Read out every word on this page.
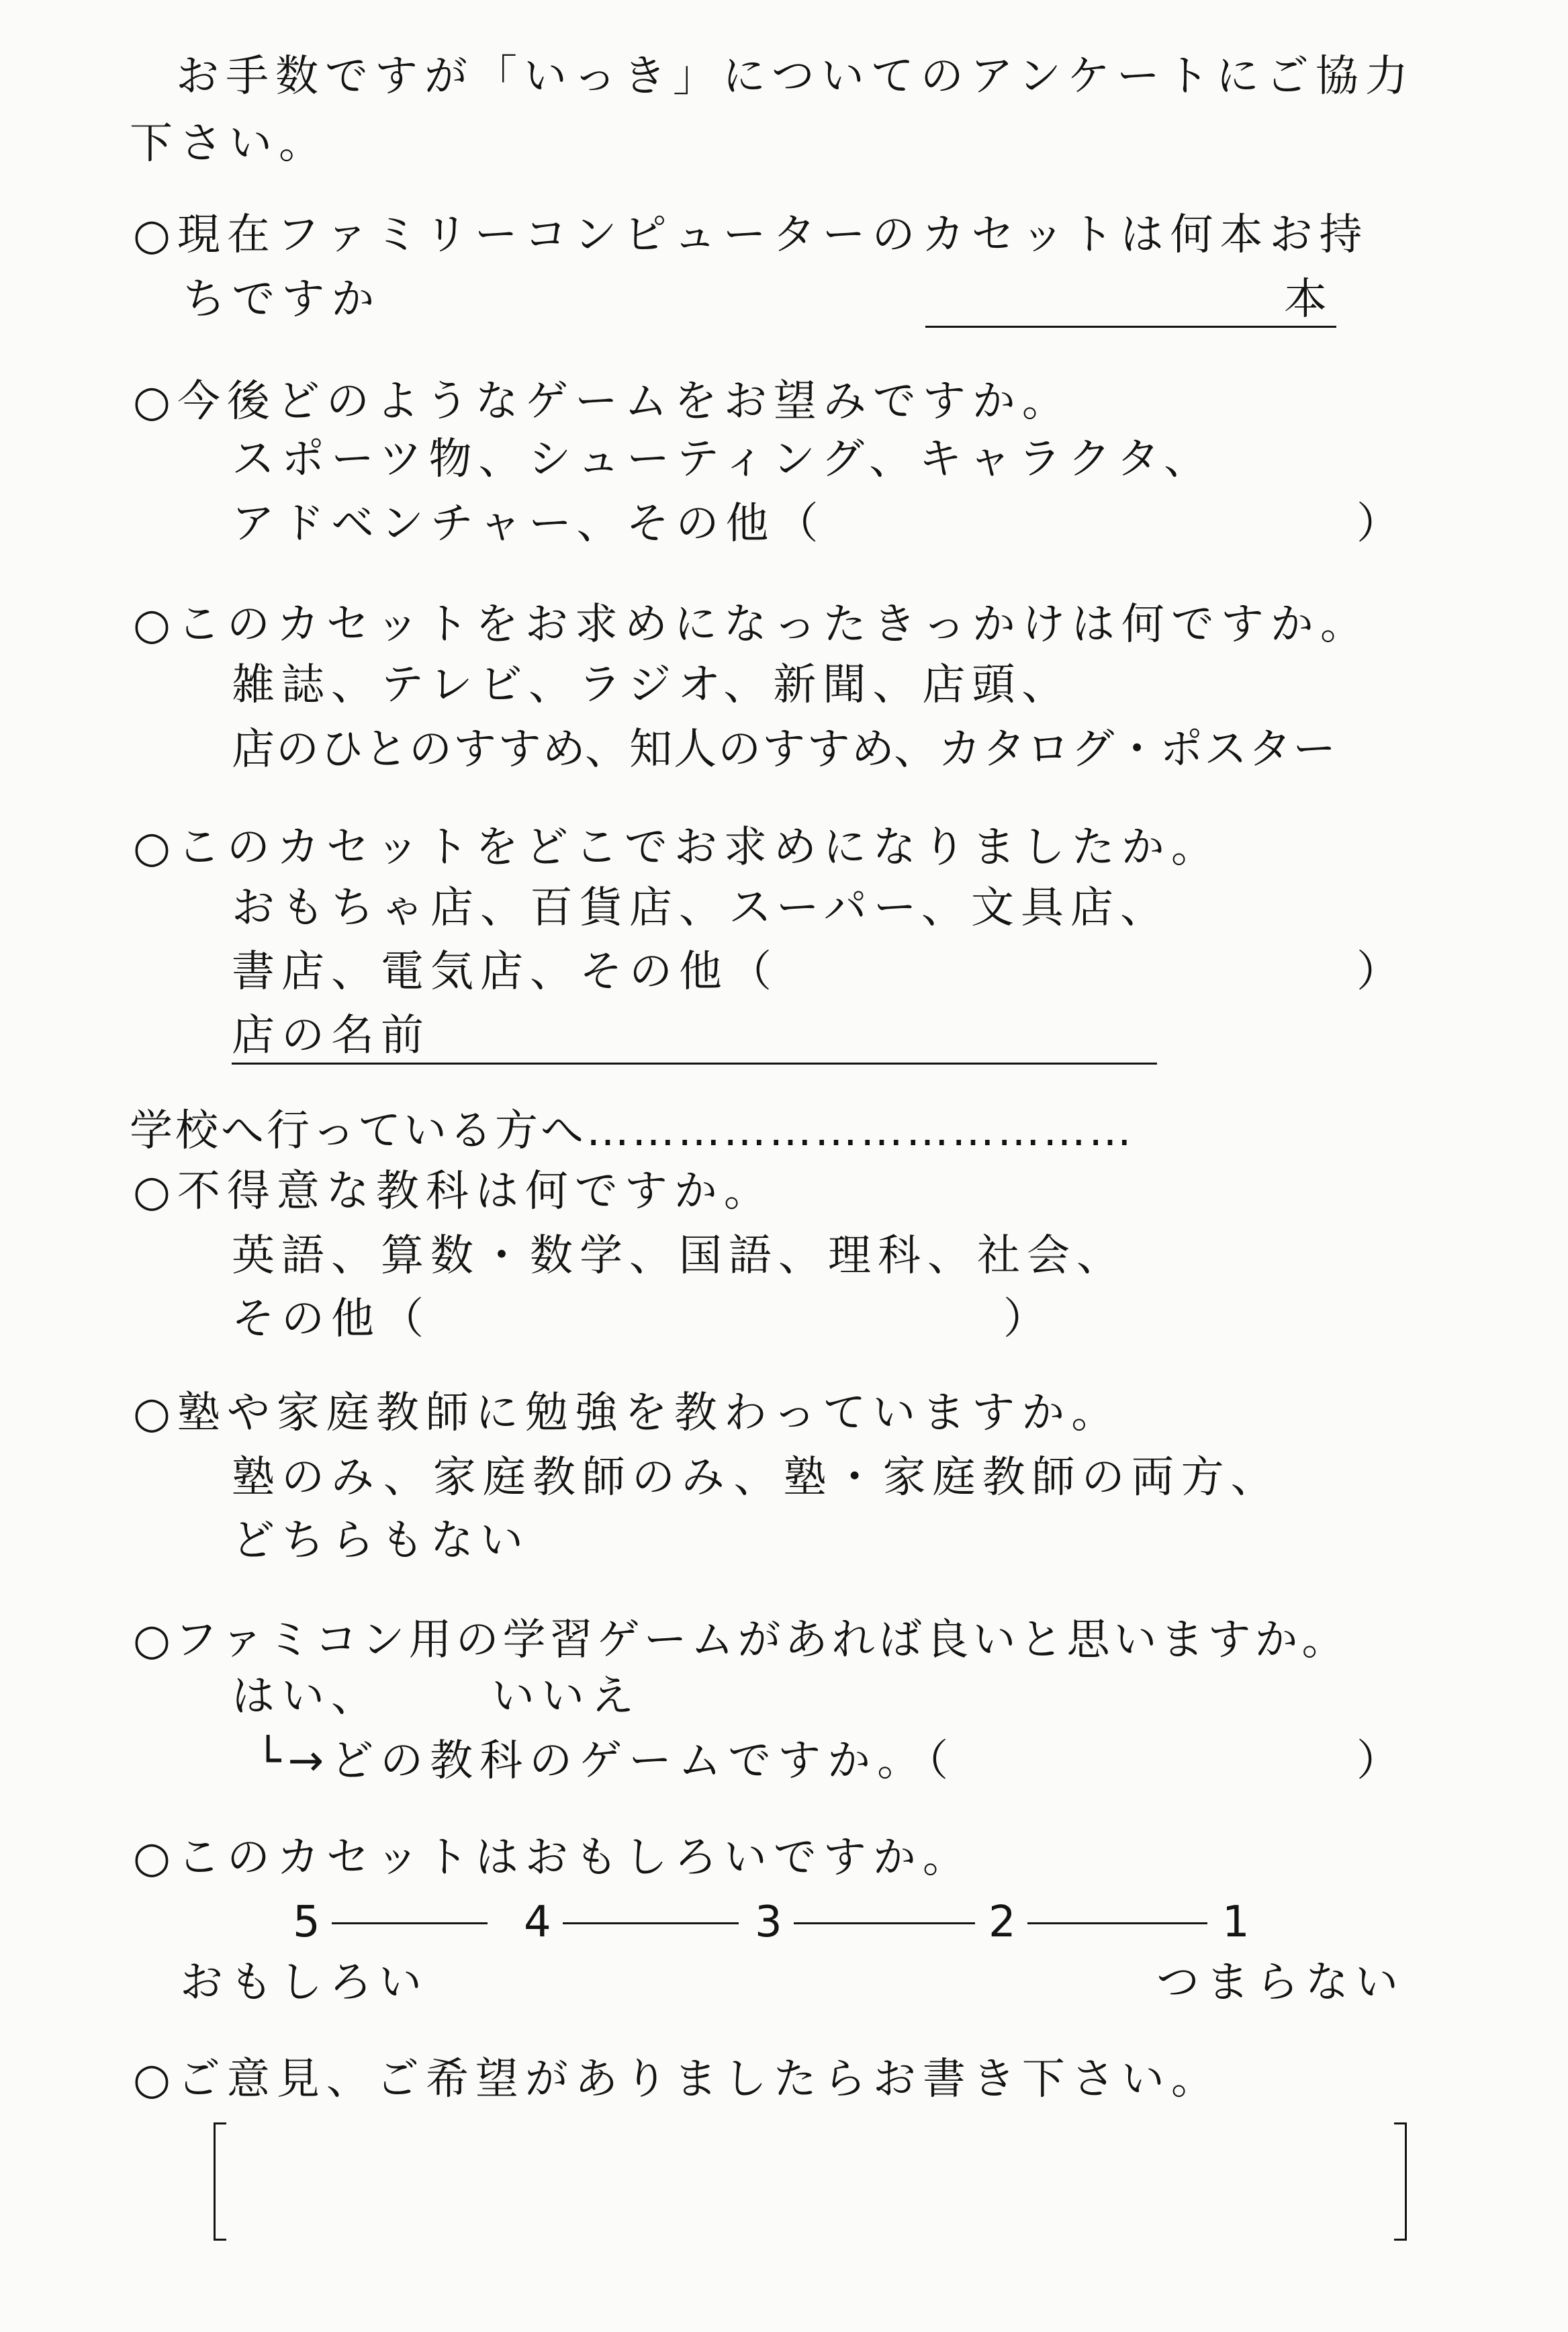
お手数ですが「いっき」についてのアンケートにご協力
下さい。
○現在ファミリーコンピューターのカセットは何本お持
ちですか	本
○今後どのようなゲームをお望みですか。
スポーツ物、シューティング、キャラクタ、
アドベンチャー、その他（	）
○このカセットをお求めになったきっかけは何ですか。
雑誌、テレビ、ラジオ、新聞、店頭、
店のひとのすすめ、知人のすすめ、カタログ・ポスター
○このカセットをどこでお求めになりましたか。
おもちゃ店、百貨店、スーパー、文具店、
書店、電気店、その他（	）
店の名前
学校へ行っている方へ………………………………
○不得意な教科は何ですか。
英語、算数・数学、国語、理科、社会、
その他（	）
○塾や家庭教師に勉強を教わっていますか。
塾のみ、家庭教師のみ、塾・家庭教師の両方、
どちらもない
○ファミコン用の学習ゲームがあれば良いと思いますか。
はい、	いいえ
└→どの教科のゲームですか。（	）
○このカセットはおもしろいですか。
5	4	3	2	1
おもしろい	つまらない
○ご意見、ご希望がありましたらお書き下さい。
